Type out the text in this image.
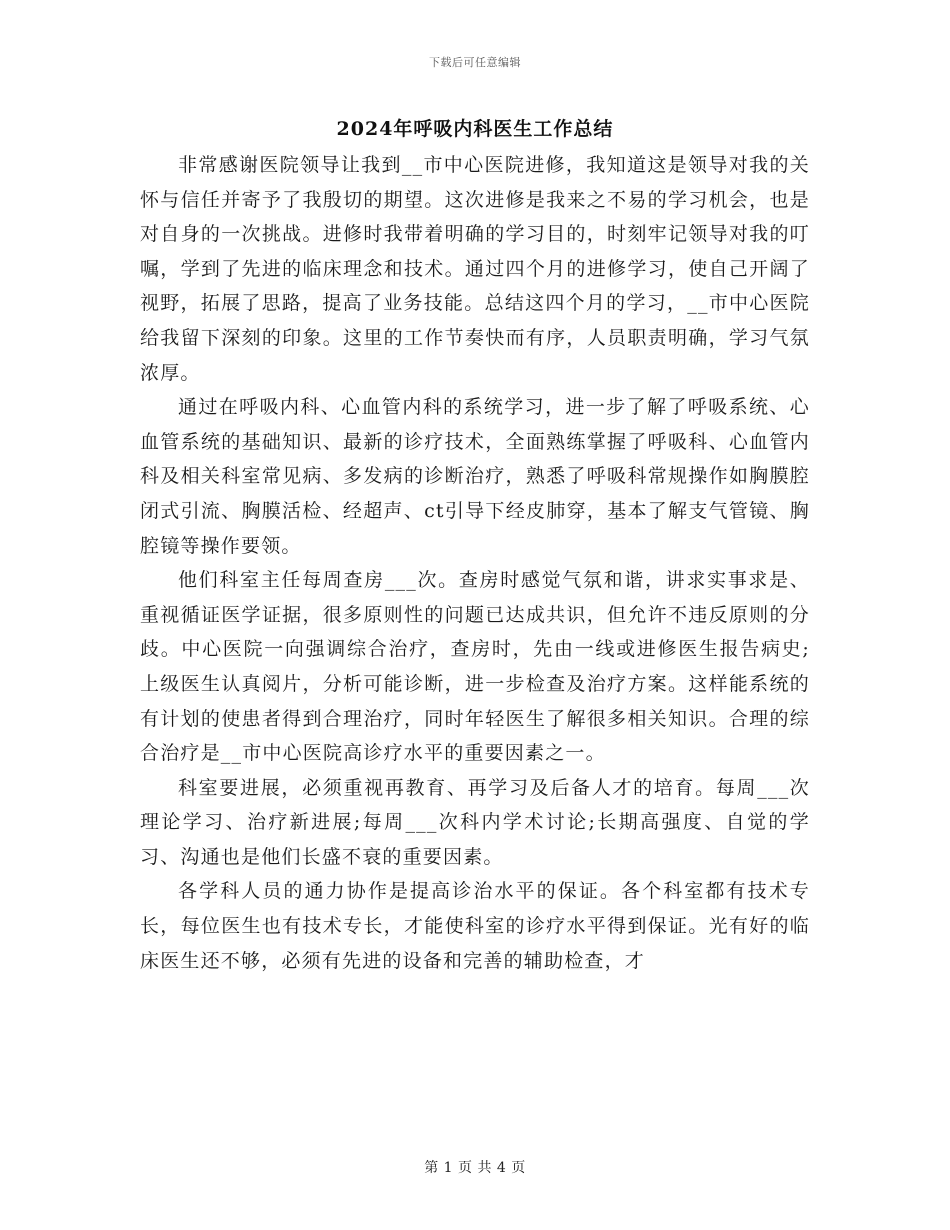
下载后可任意编辑
2024年呼吸内科医生工作总结

非常感谢医院领导让我到__市中心医院进修，我知道这是领导对我的关怀与信任并寄予了我殷切的期望。这次进修是我来之不易的学习机会，也是对自身的一次挑战。进修时我带着明确的学习目的，时刻牢记领导对我的叮嘱，学到了先进的临床理念和技术。通过四个月的进修学习，使自己开阔了视野，拓展了思路，提高了业务技能。总结这四个月的学习，__市中心医院给我留下深刻的印象。这里的工作节奏快而有序，人员职责明确，学习气氛浓厚。

通过在呼吸内科、心血管内科的系统学习，进一步了解了呼吸系统、心血管系统的基础知识、最新的诊疗技术，全面熟练掌握了呼吸科、心血管内科及相关科室常见病、多发病的诊断治疗，熟悉了呼吸科常规操作如胸膜腔闭式引流、胸膜活检、经超声、ct引导下经皮肺穿，基本了解支气管镜、胸腔镜等操作要领。

他们科室主任每周查房___次。查房时感觉气氛和谐，讲求实事求是、重视循证医学证据，很多原则性的问题已达成共识，但允许不违反原则的分歧。中心医院一向强调综合治疗，查房时，先由一线或进修医生报告病史;上级医生认真阅片，分析可能诊断，进一步检查及治疗方案。这样能系统的有计划的使患者得到合理治疗，同时年轻医生了解很多相关知识。合理的综合治疗是__市中心医院高诊疗水平的重要因素之一。

科室要进展，必须重视再教育、再学习及后备人才的培育。每周___次理论学习、治疗新进展;每周___次科内学术讨论;长期高强度、自觉的学习、沟通也是他们长盛不衰的重要因素。

各学科人员的通力协作是提高诊治水平的保证。各个科室都有技术专长，每位医生也有技术专长，才能使科室的诊疗水平得到保证。光有好的临床医生还不够，必须有先进的设备和完善的辅助检查，才

第 1 页 共 4 页
